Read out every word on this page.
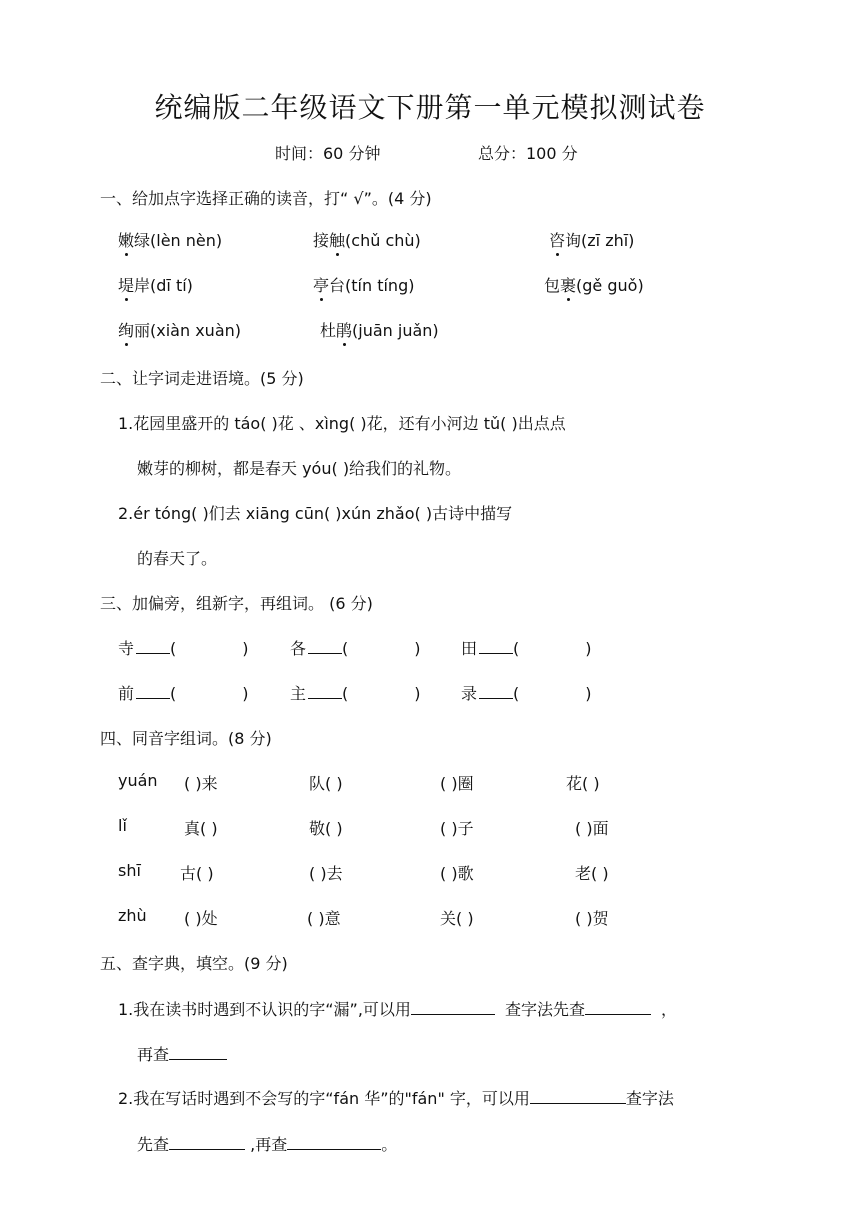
统编版二年级语文下册第一单元模拟测试卷
时间：60 分钟	总分：100 分
一、给加点字选择正确的读音，打“ √”。(4 分)
嫩绿(lèn nèn)	接触(chǔ chù)	咨询(zī zhī)
堤岸(dī tí)	亭台(tín tíng)	包裹(gě guǒ)
绚丽(xiàn xuàn)	杜鹃(juān juǎn)
二、让字词走进语境。(5 分)
1.花园里盛开的 táo( )花 、xìng( )花，还有小河边 tǔ( )出点点
嫩芽的柳树，都是春天 yóu( )给我们的礼物。
2.ér tóng( )们去 xiāng cūn( )xún zhǎo( )古诗中描写
的春天了。
三、加偏旁，组新字，再组词。 (6 分)
寺 (	)	各 (	)	田 (	)
前 (	)	主 (	)	录 (	)
四、同音字组词。(8 分)
yuán ( )来	队( )	( )圈	花( )
lǐ	真( )	敬( )	( )子	( )面
shī 古( )	( )去	( )歌	老( )
zhù ( )处	( )意	关( )	( )贺
五、查字典，填空。(9 分)
1.我在读书时遇到不认识的字“漏”,可以用	查字法先查	，
再查
2.我在写话时遇到不会写的字“fán 华”的"fán" 字，可以用	查字法
先查	,再查	。
